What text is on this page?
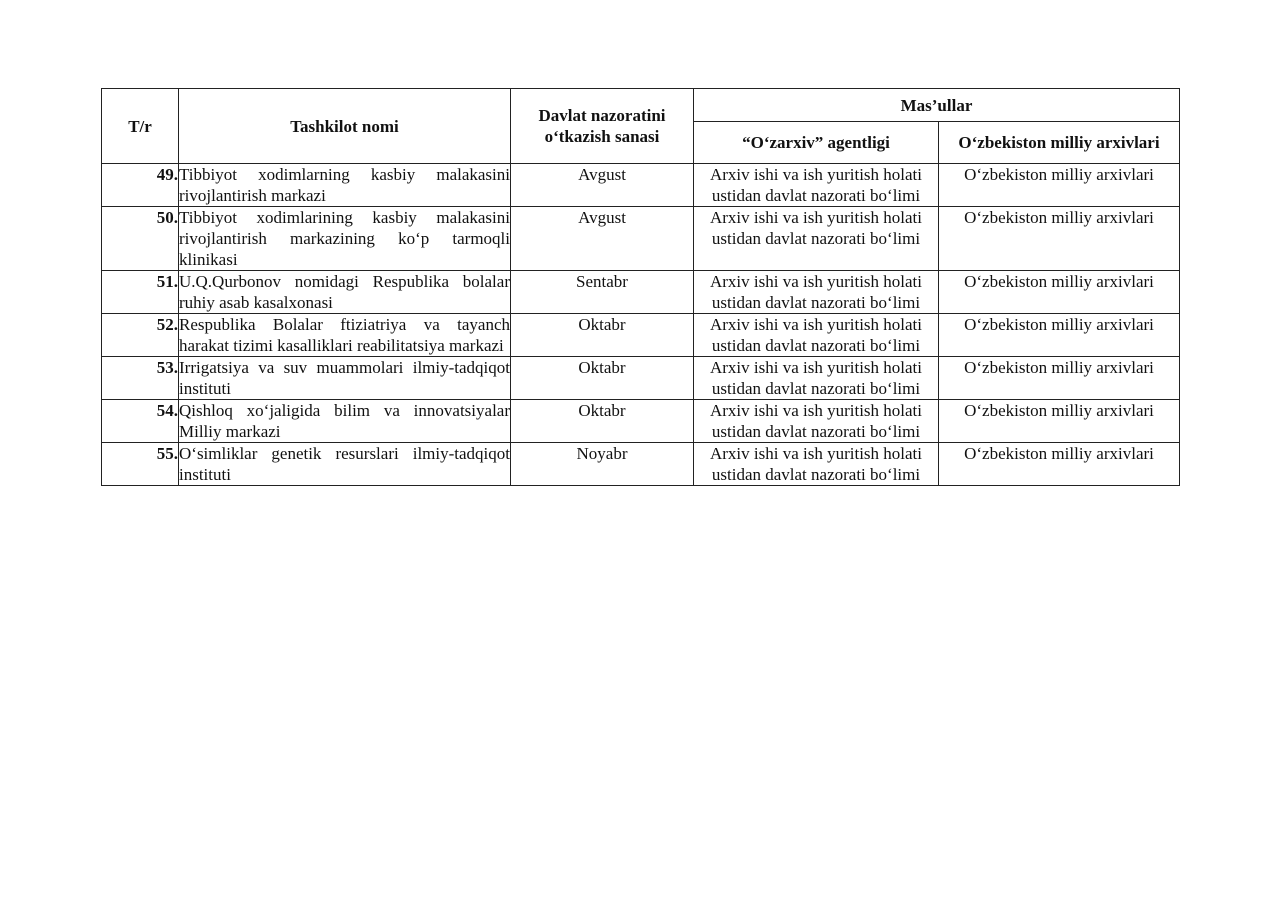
T/r	Tashkilot nomi	Davlat nazoratini o‘tkazish sanasi	Mas’ullar	
			“O‘zarxiv” agentligi	O‘zbekiston milliy arxivlari
49.	Tibbiyot xodimlarning kasbiy malakasini rivojlantirish markazi	Avgust	Arxiv ishi va ish yuritish holati ustidan davlat nazorati bo‘limi	O‘zbekiston milliy arxivlari
50.	Tibbiyot xodimlarining kasbiy malakasini rivojlantirish markazining ko‘p tarmoqli klinikasi	Avgust	Arxiv ishi va ish yuritish holati ustidan davlat nazorati bo‘limi	O‘zbekiston milliy arxivlari
51.	U.Q.Qurbonov nomidagi Respublika bolalar ruhiy asab kasalxonasi	Sentabr	Arxiv ishi va ish yuritish holati ustidan davlat nazorati bo‘limi	O‘zbekiston milliy arxivlari
52.	Respublika Bolalar ftiziatriya va tayanch harakat tizimi kasalliklari reabilitatsiya markazi	Oktabr	Arxiv ishi va ish yuritish holati ustidan davlat nazorati bo‘limi	O‘zbekiston milliy arxivlari
53.	Irrigatsiya va suv muammolari ilmiy-tadqiqot instituti	Oktabr	Arxiv ishi va ish yuritish holati ustidan davlat nazorati bo‘limi	O‘zbekiston milliy arxivlari
54.	Qishloq xo‘jaligida bilim va innovatsiyalar Milliy markazi	Oktabr	Arxiv ishi va ish yuritish holati ustidan davlat nazorati bo‘limi	O‘zbekiston milliy arxivlari
55.	O‘simliklar genetik resurslari ilmiy-tadqiqot instituti	Noyabr	Arxiv ishi va ish yuritish holati ustidan davlat nazorati bo‘limi	O‘zbekiston milliy arxivlari
